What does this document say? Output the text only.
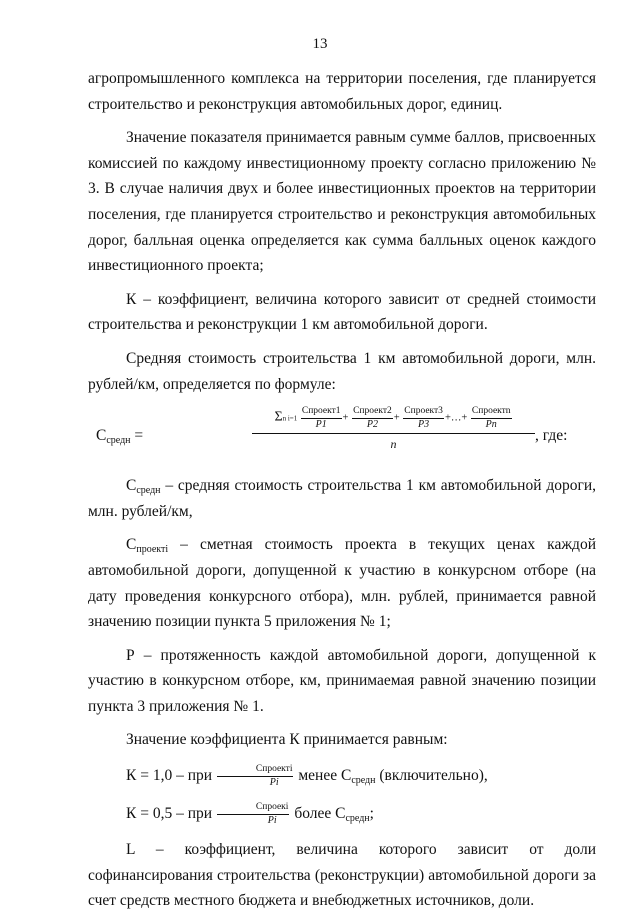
13

агропромышленного комплекса на территории поселения, где планируется строительство и реконструкция автомобильных дорог, единиц.

Значение показателя принимается равным сумме баллов, присвоенных комиссией по каждому инвестиционному проекту согласно приложению № 3. В случае наличия двух и более инвестиционных проектов на территории поселения, где планируется строительство и реконструкция автомобильных дорог, балльная оценка определяется как сумма балльных оценок каждого инвестиционного проекта;

К – коэффициент, величина которого зависит от средней стоимости строительства и реконструкции 1 км автомобильной дороги.

Средняя стоимость строительства 1 км автомобильной дороги, млн. рублей/км, определяется по формуле:

$С_{средн}$ =
Σn $i=1 \frac{\text{Cпроект1}}{P1} + \frac{\text{Cпроект2}}{P2} + \frac{\text{Cпроект3}}{P3}$ +…+ $\frac{\text{Cпроектn}}{Pn}$
n	, где:

$С_{средн}$ – средняя стоимость строительства 1 км автомобильной дороги, млн. рублей/км,

$С_{проектi}$ – сметная стоимость проекта в текущих ценах каждой автомобильной дороги, допущенной к участию в конкурсном отборе (на дату проведения конкурсного отбора), млн. рублей, принимается равной значению позиции пункта 5 приложения № 1;

Р – протяженность каждой автомобильной дороги, допущенной к участию в конкурсном отборе, км, принимаемая равной значению позиции пункта 3 приложения № 1.

Значение коэффициента К принимается равным:

К = 1,0 – при $\frac{\text{Cпроектi}}{Pi}$ менее $С_{средн}$ (включительно),

К = 0,5 – при $\frac{\text{Cпроекi}}{Pi}$ более $С_{средн}$;

L – коэффициент, величина которого зависит от доли софинансирования строительства (реконструкции) автомобильной дороги за счет средств местного бюджета и внебюджетных источников, доли.
